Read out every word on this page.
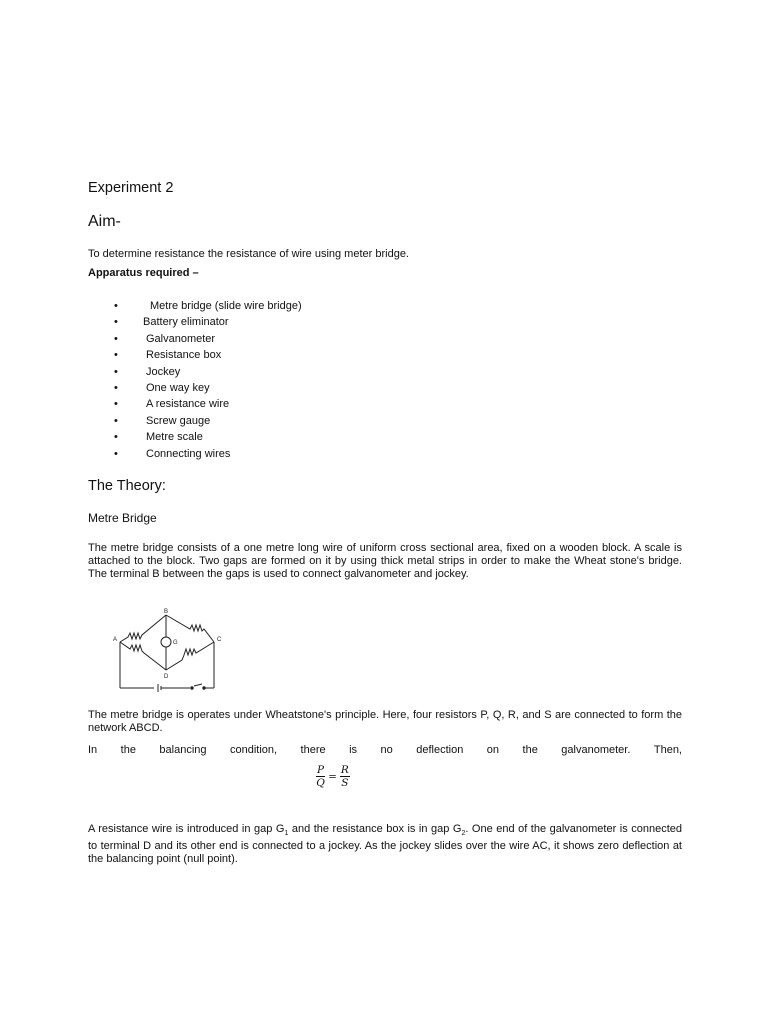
Experiment 2
Aim-
To determine resistance the resistance of wire using meter bridge.
Apparatus required –
•	Metre bridge (slide wire bridge)
• Battery eliminator
•	Galvanometer
•	Resistance box
•	Jockey
•	One way key
•	A resistance wire
•	Screw gauge
•	Metre scale
•	Connecting wires
The Theory:
Metre Bridge
The metre bridge consists of a one metre long wire of uniform cross sectional area, fixed on a wooden block. A scale is attached to the block. Two gaps are formed on it by using thick metal strips in order to make the Wheat stone's bridge. The terminal B between the gaps is used to connect galvanometer and jockey.
A
B
C
D
G
The metre bridge is operates under Wheatstone's principle. Here, four resistors P, Q, R, and S are connected to form the network ABCD.
In the balancing condition, there is no deflection on the galvanometer. Then,
$\frac{P}{Q} = \frac{R}{S}$
A resistance wire is introduced in gap $G_1$ and the resistance box is in gap $G_2$. One end of the galvanometer is connected to terminal D and its other end is connected to a jockey. As the jockey slides over the wire AC, it shows zero deflection at the balancing point (null point).
